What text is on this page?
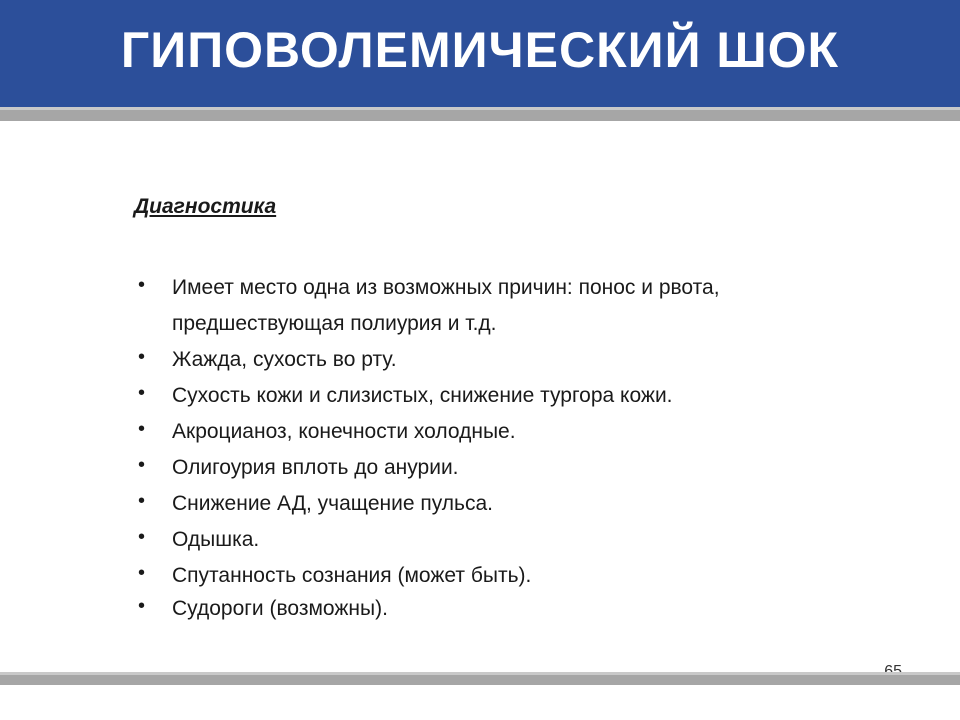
ГИПОВОЛЕМИЧЕСКИЙ ШОК
Диагностика
• Имеет место одна из возможных причин: понос и рвота, предшествующая полиурия и т.д.
• Жажда, сухость во рту.
• Сухость кожи и слизистых, снижение тургора кожи.
• Акроцианоз, конечности холодные.
• Олигоурия вплоть до анурии.
• Снижение АД, учащение пульса.
• Одышка.
• Спутанность сознания (может быть).
• Судороги (возможны).
